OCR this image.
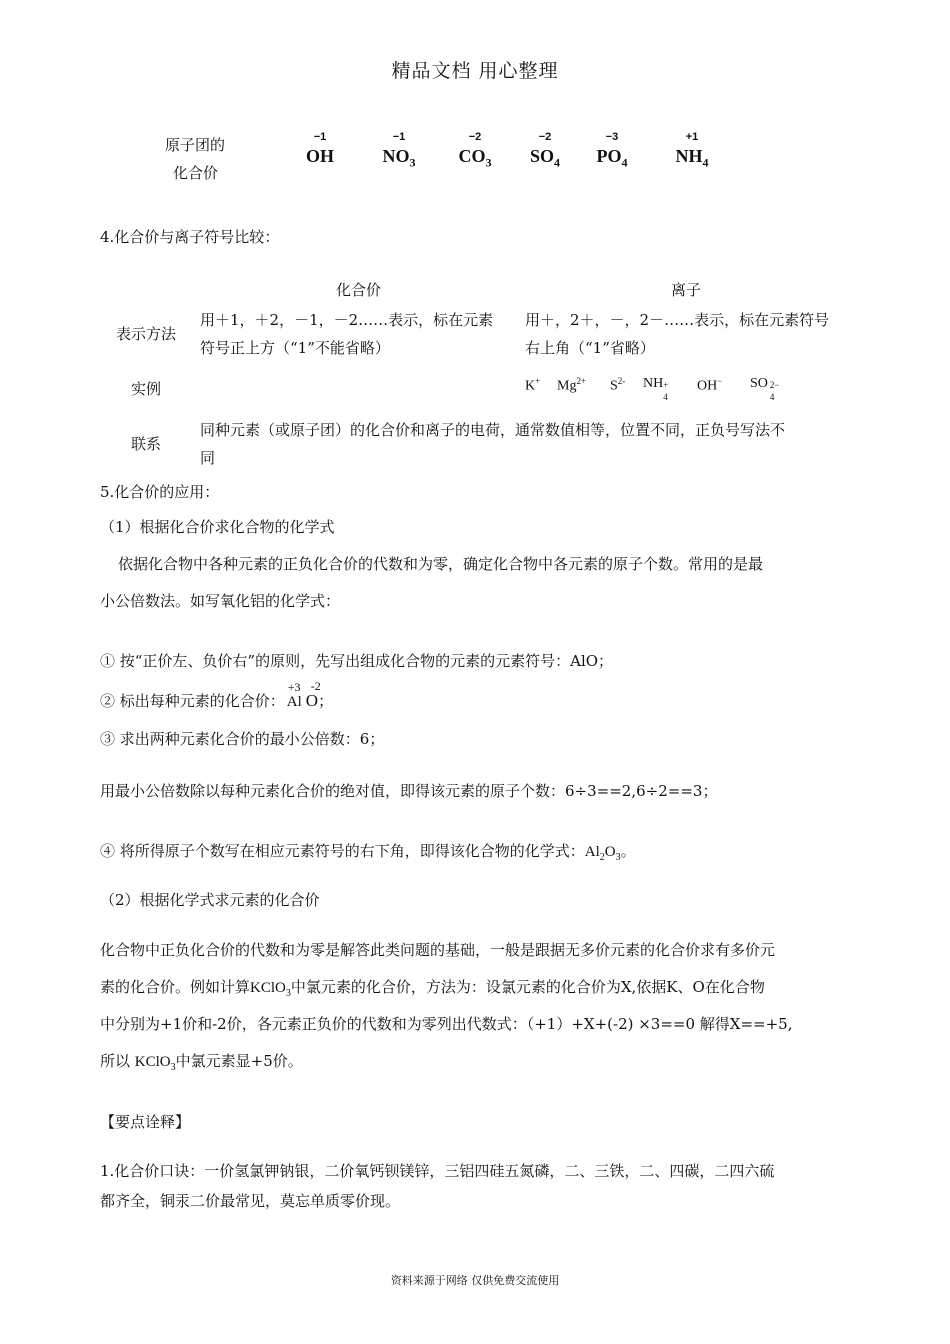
精品文档 用心整理
原子团的
化合价
−1
OH
−1
$NO_3$
−2
$CO_3$
−2
$SO_4$
−3
$PO_4$
+1
$NH_4$
4.化合价与离子符号比较：
化合价	离子
表示方法
用＋1，＋2，－1，－2……表示，标在元素
符号正上方（“1”不能省略）
用＋，2＋，－，2－……表示，标在元素符号
右上角（“1”省略）
实例	K+ $Mg^{2+}$ $S^{2-}$ NH +
4
OH− SO 2−
4
联系
同种元素（或原子团）的化合价和离子的电荷，通常数值相等，位置不同，正负号写法不
同
5.化合价的应用：
（1）根据化合价求化合物的化学式
依据化合物中各种元素的正负化合价的代数和为零，确定化合物中各元素的原子个数。常用的是最
小公倍数法。如写氧化铝的化学式：
① 按“正价左、负价右”的原则，先写出组成化合物的元素的元素符号：AlO；
② 标出每种元素的化合价：
+3
Al
-2
O；
③ 求出两种元素化合价的最小公倍数：6；
用最小公倍数除以每种元素化合价的绝对值，即得该元素的原子个数：6÷3==2,6÷2==3；
④ 将所得原子个数写在相应元素符号的右下角，即得该化合物的化学式：$Al_2O_3$。
（2）根据化学式求元素的化合价
化合物中正负化合价的代数和为零是解答此类问题的基础，一般是跟据无多价元素的化合价求有多价元
素的化合价。例如计算KClO$_3$中氯元素的化合价，方法为：设氯元素的化合价为X,依据K、O在化合物
中分别为+1价和-2价，各元素正负价的代数和为零列出代数式：（+1）+X+(-2) ×3==0 解得X==+5,
所以 KClO$_3$中氯元素显+5价。
【要点诠释】
1.化合价口诀：一价氢氯钾钠银，二价氧钙钡镁锌，三铝四硅五氮磷，二、三铁，二、四碳，二四六硫
都齐全，铜汞二价最常见，莫忘单质零价现。
资料来源于网络 仅供免费交流使用
